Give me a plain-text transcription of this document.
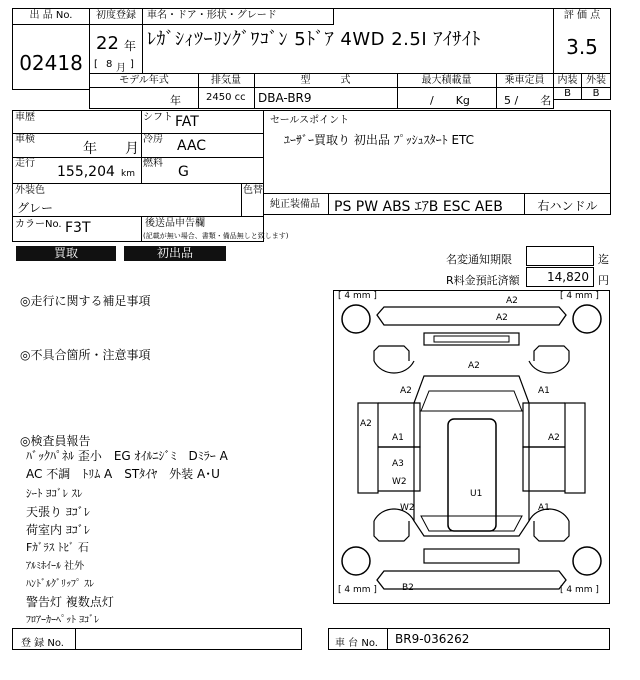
出 品 No.
02418
初度登録
22 年
[ 8 月 ]
車名・ドア・形状・グレード
ﾚｶﾞｼｨﾂｰﾘﾝｸﾞﾜｺﾞﾝ 5ﾄﾞｱ 4WD 2.5I ｱｲｻｲﾄ
評 価 点
3.5
内装 外装
B	B
モデル年式	排気量	型　　　式	最大積載量	乗車定員
年	2450 cc DBA-BR9	/　　Kg	5 /　　名
車歴	シフト FAT
車検
年　　月
冷房 AAC
走行
155,204 km
燃料
G
外装色
グレー
色替
カラーNo. F3T	後送品申告欄
(記載が無い場合、書類・備品無しと致します)
セールスポイント
ﾕｰｻﾞｰ買取り 初出品 ﾌﾟｯｼｭｽﾀｰﾄ ETC
純正装備品 PS PW ABS ｴｱB ESC AEB	右ハンドル
買取	初出品	名変通知期限	迄
R料金預託済額 14,820 円
◎走行に関する補足事項
◎不具合箇所・注意事項
◎検査員報告
ﾊﾞｯｸﾊﾟﾈﾙ 歪小　EG ｵｲﾙﾆｼﾞﾐ　Dﾐﾗｰ A
AC 不調　ﾄﾘﾑ A　STﾀｲﾔ　外装 A･U
ｼｰﾄ ﾖｺﾞﾚ ｽﾚ
天張り ﾖｺﾞﾚ
荷室内 ﾖｺﾞﾚ
Fｶﾞﾗｽ ﾄﾋﾞ 石
ｱﾙﾐﾎｲｰﾙ 社外
ﾊﾝﾄﾞﾙｸﾞﾘｯﾌﾟ ｽﾚ
警告灯 複数点灯
ﾌﾛｱｰｶｰﾍﾟｯﾄ ﾖｺﾞﾚ
[ 4 mm ]	[ 4 mm ]
[ 4 mm ]	[ 4 mm ]
A2
A2
A2
A2	A1
A2
A1	A2
A3
W2
U1
W2	A1
B2
登 録 No.	車 台 No. BR9-036262
